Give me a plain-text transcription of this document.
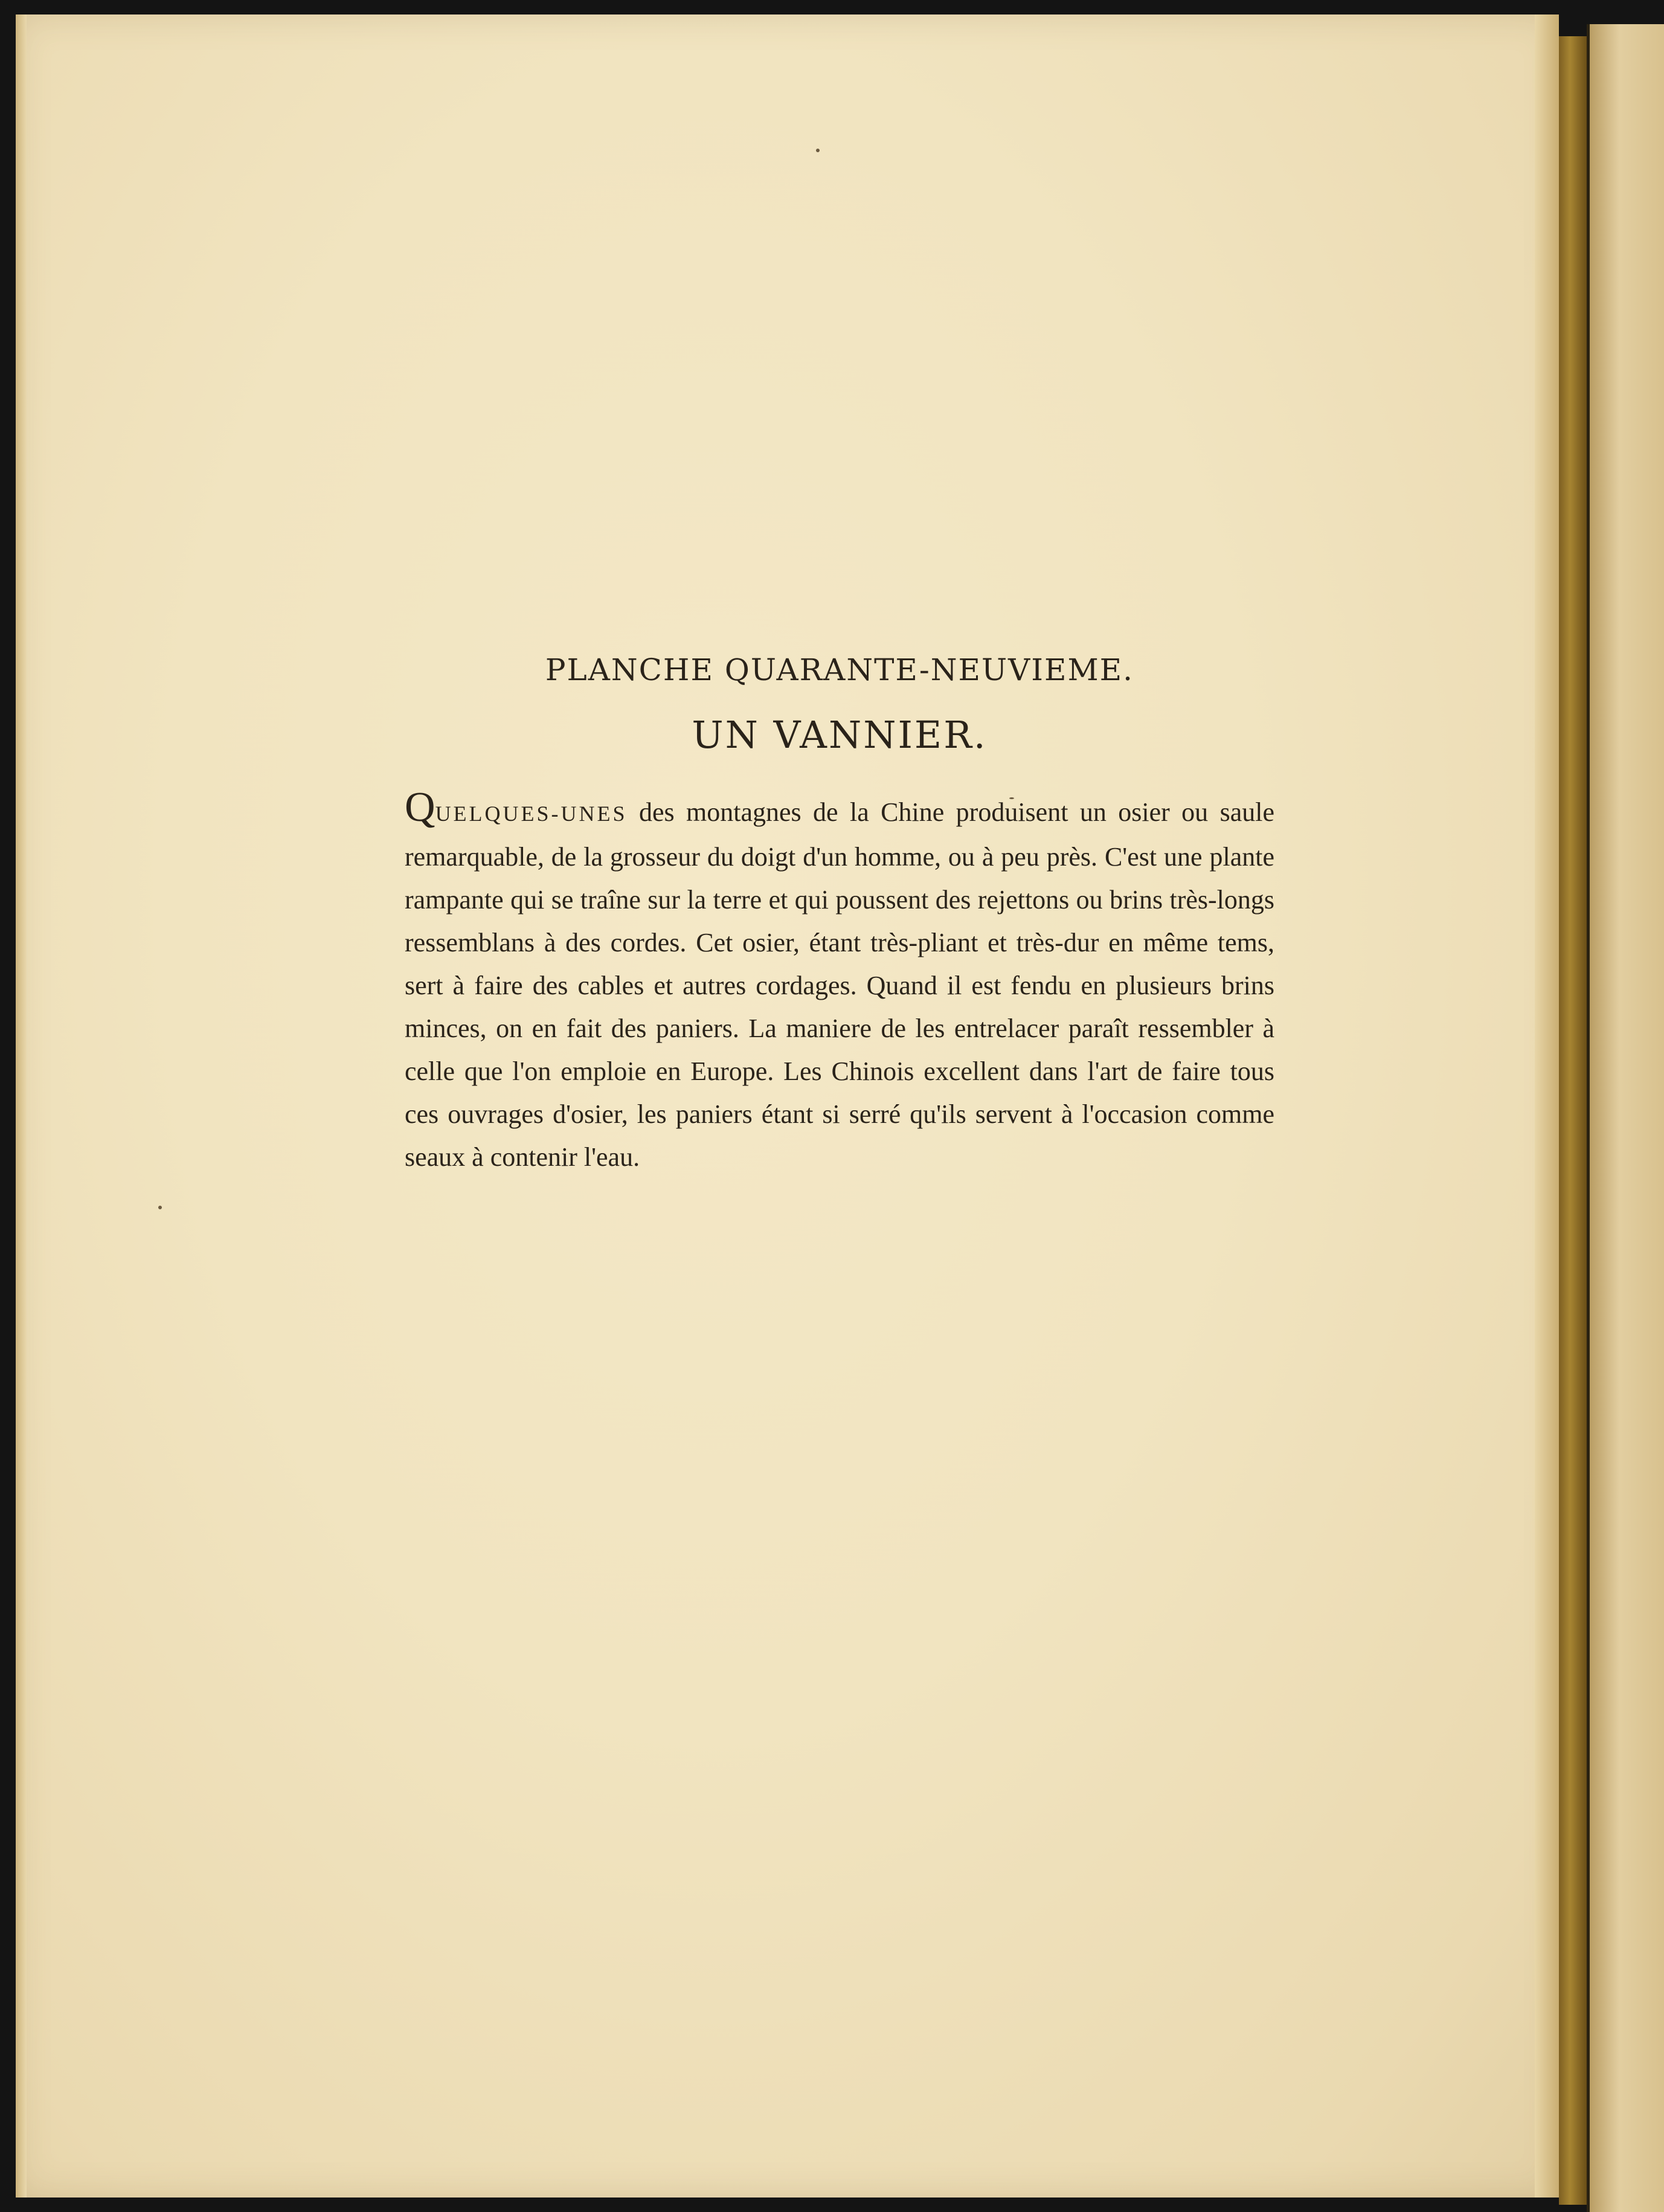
PLANCHE QUARANTE-NEUVIEME.
UN VANNIER.

QUELQUES-UNES des montagnes de la Chine produisent un osier ou saule remarquable, de la grosseur du doigt d'un homme, ou à peu près. C'est une plante rampante qui se traîne sur la terre et qui poussent des rejettons ou brins très-longs ressemblans à des cordes. Cet osier, étant très-pliant et très-dur en même tems, sert à faire des cables et autres cordages. Quand il est fendu en plusieurs brins minces, on en fait des paniers. La maniere de les entrelacer paraît ressembler à celle que l'on emploie en Europe. Les Chinois excellent dans l'art de faire tous ces ouvrages d'osier, les paniers étant si serré qu'ils servent à l'occasion comme seaux à contenir l'eau.
